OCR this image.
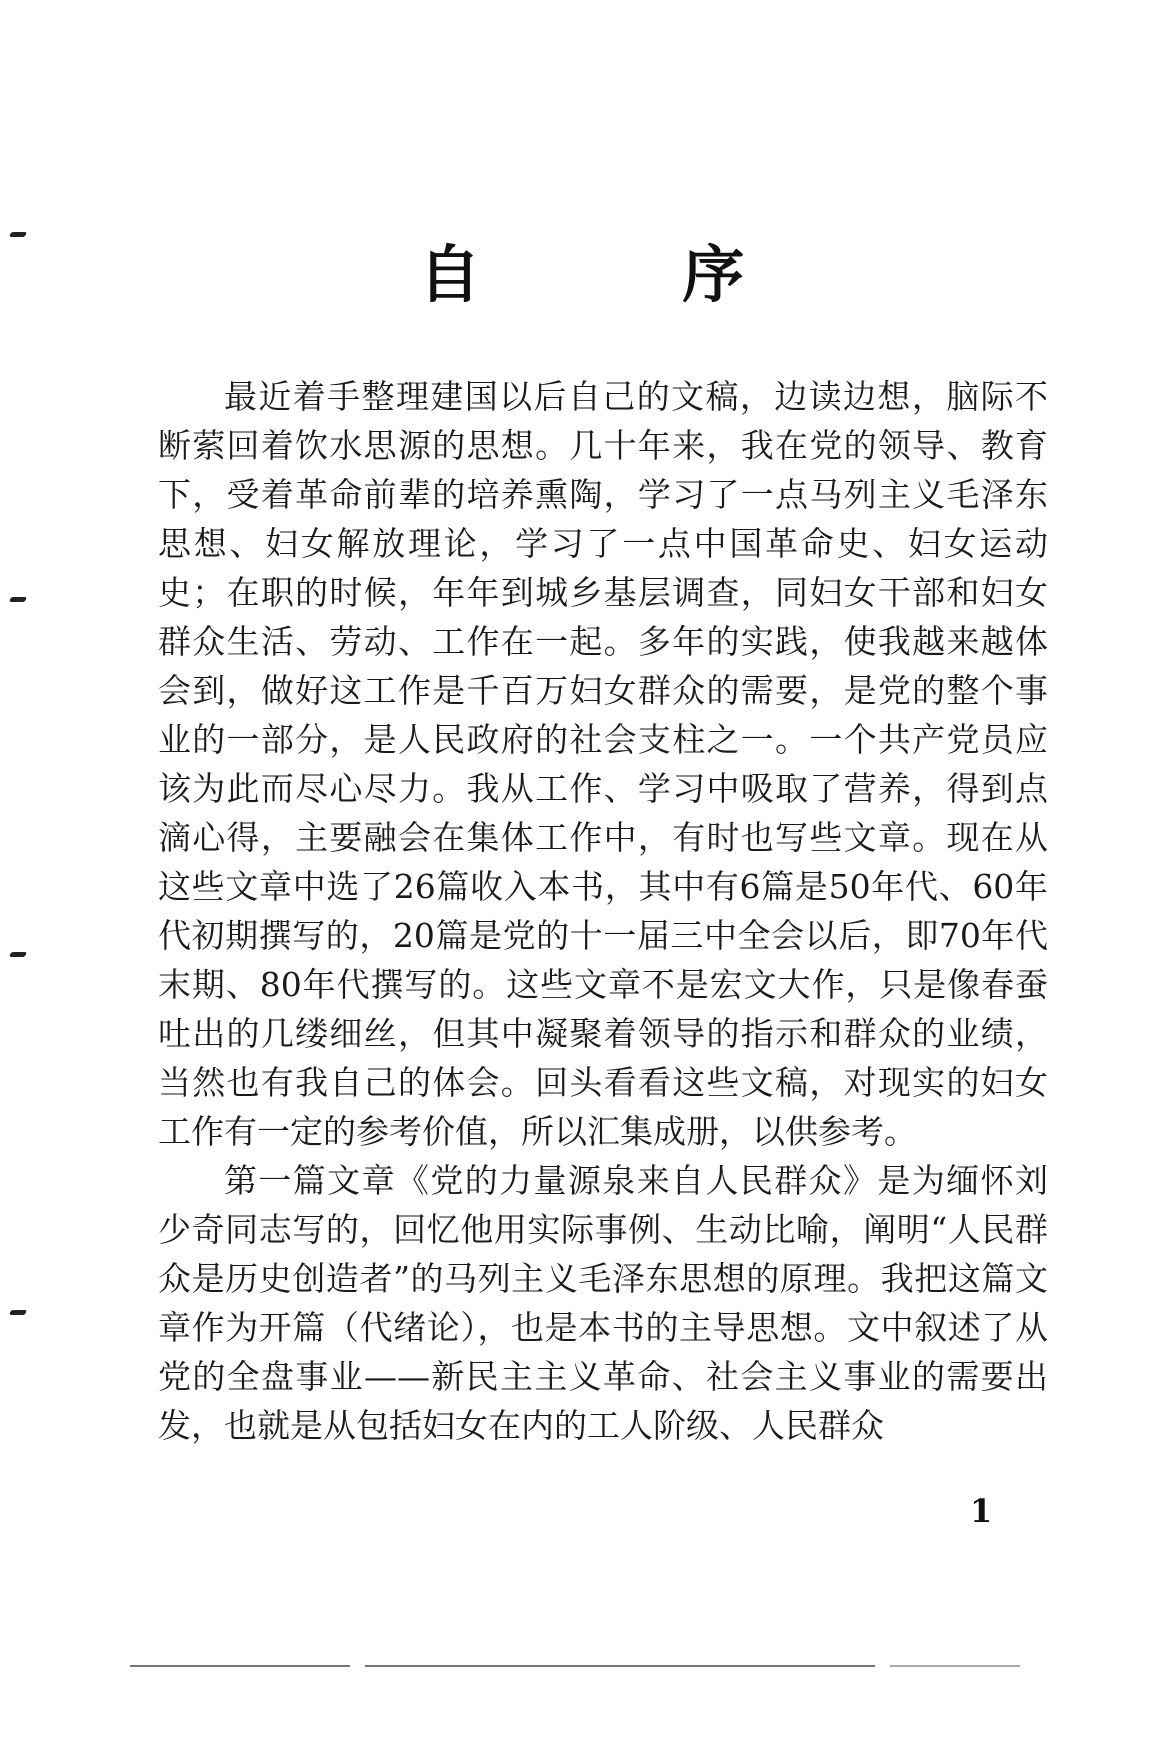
自 序

最近着手整理建国以后自己的文稿，边读边想，脑际不断萦回着饮水思源的思想。几十年来，我在党的领导、教育下，受着革命前辈的培养熏陶，学习了一点马列主义毛泽东思想、妇女解放理论，学习了一点中国革命史、妇女运动史；在职的时候，年年到城乡基层调查，同妇女干部和妇女群众生活、劳动、工作在一起。多年的实践，使我越来越体会到，做好这工作是千百万妇女群众的需要，是党的整个事业的一部分，是人民政府的社会支柱之一。一个共产党员应该为此而尽心尽力。我从工作、学习中吸取了营养，得到点滴心得，主要融会在集体工作中，有时也写些文章。现在从这些文章中选了26篇收入本书，其中有6篇是50年代、60年代初期撰写的，20篇是党的十一届三中全会以后，即70年代末期、80年代撰写的。这些文章不是宏文大作，只是像春蚕吐出的几缕细丝，但其中凝聚着领导的指示和群众的业绩，当然也有我自己的体会。回头看看这些文稿，对现实的妇女工作有一定的参考价值，所以汇集成册，以供参考。

第一篇文章《党的力量源泉来自人民群众》是为缅怀刘少奇同志写的，回忆他用实际事例、生动比喻，阐明“人民群众是历史创造者”的马列主义毛泽东思想的原理。我把这篇文章作为开篇（代绪论），也是本书的主导思想。文中叙述了从党的全盘事业——新民主主义革命、社会主义事业的需要出发，也就是从包括妇女在内的工人阶级、人民群众

1
